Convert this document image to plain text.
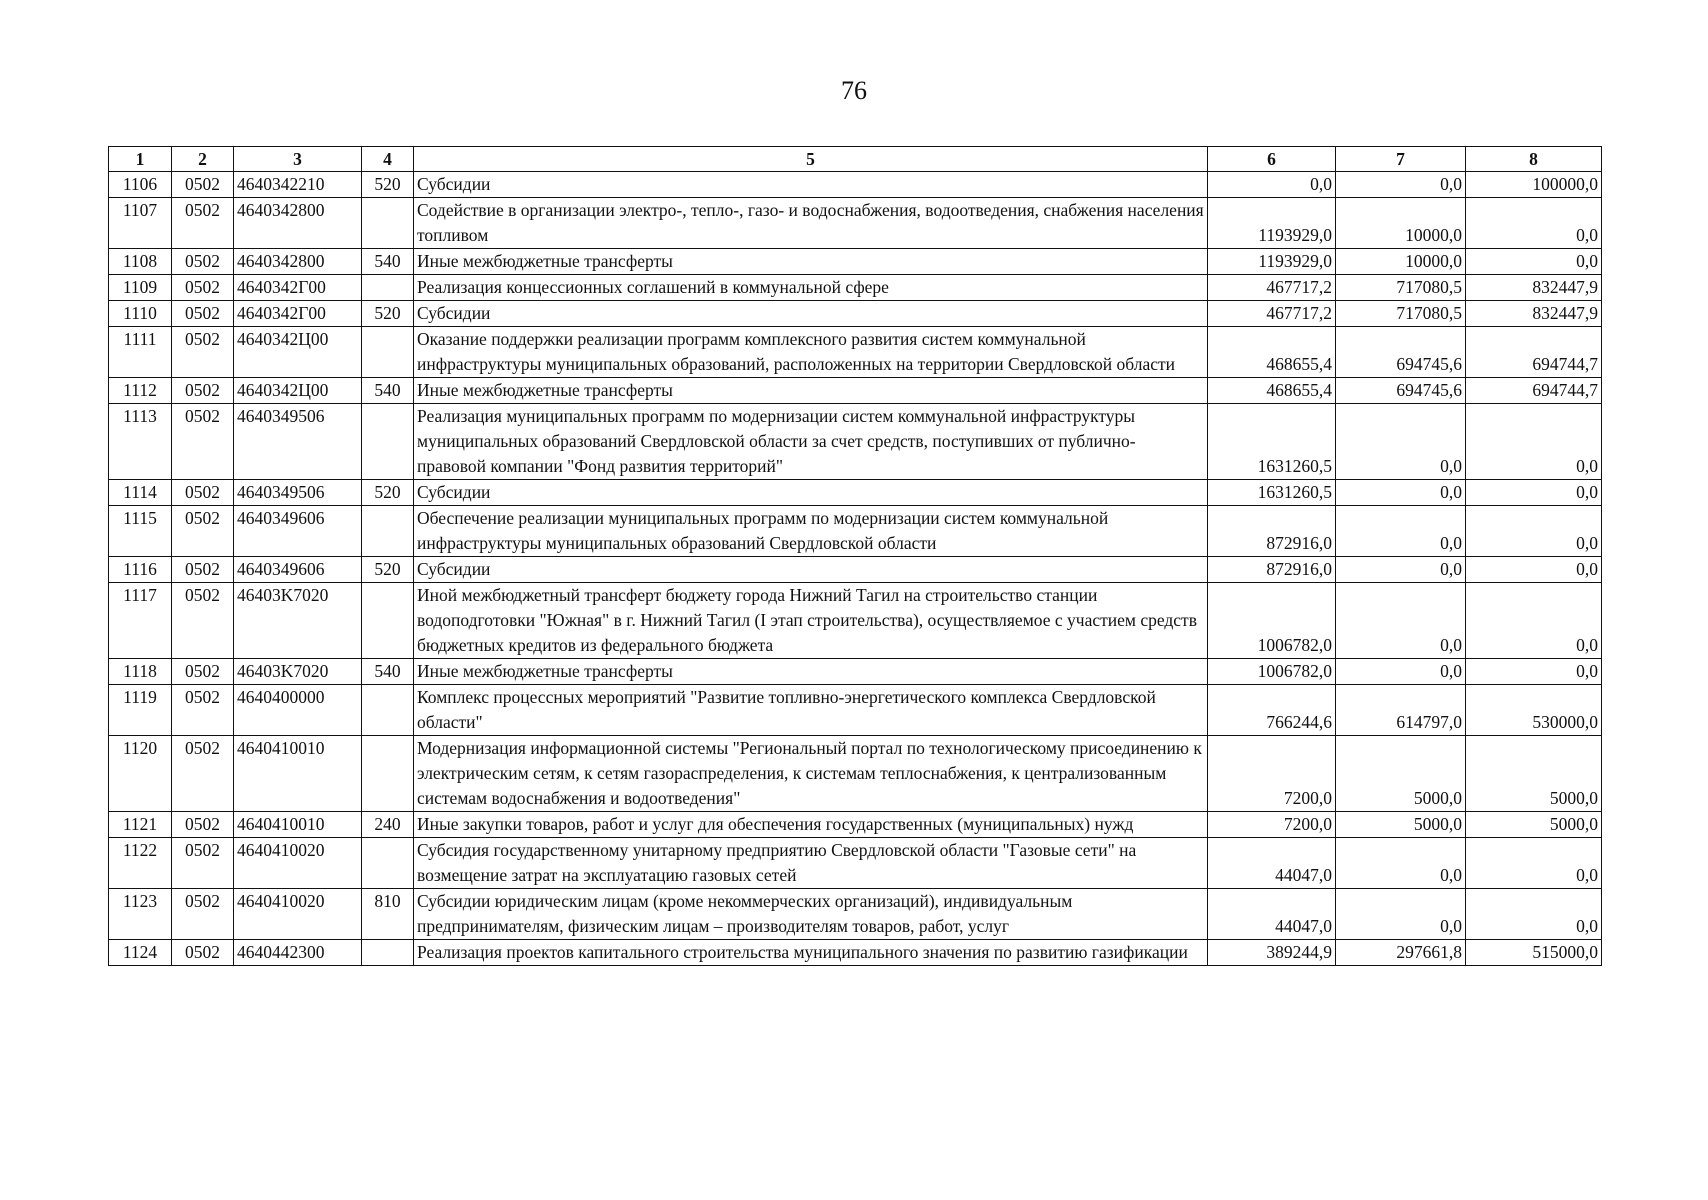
76
1	2	3	4	5	6	7	8
1106	0502	4640342210	520	Субсидии	0,0	0,0	100000,0
1107	0502	4640342800		Содействие в организации электро-, тепло-, газо- и водоснабжения, водоотведения, снабжения населения топливом	1193929,0	10000,0	0,0
1108	0502	4640342800	540	Иные межбюджетные трансферты	1193929,0	10000,0	0,0
1109	0502	4640342Г00		Реализация концессионных соглашений в коммунальной сфере	467717,2	717080,5	832447,9
1110	0502	4640342Г00	520	Субсидии	467717,2	717080,5	832447,9
1111	0502	4640342Ц00		Оказание поддержки реализации программ комплексного развития систем коммунальной инфраструктуры муниципальных образований, расположенных на территории Свердловской области	468655,4	694745,6	694744,7
1112	0502	4640342Ц00	540	Иные межбюджетные трансферты	468655,4	694745,6	694744,7
1113	0502	4640349506		Реализация муниципальных программ по модернизации систем коммунальной инфраструктуры муниципальных образований Свердловской области за счет средств, поступивших от публично-правовой компании "Фонд развития территорий"	1631260,5	0,0	0,0
1114	0502	4640349506	520	Субсидии	1631260,5	0,0	0,0
1115	0502	4640349606		Обеспечение реализации муниципальных программ по модернизации систем коммунальной инфраструктуры муниципальных образований Свердловской области	872916,0	0,0	0,0
1116	0502	4640349606	520	Субсидии	872916,0	0,0	0,0
1117	0502	46403K7020		Иной межбюджетный трансферт бюджету города Нижний Тагил на строительство станции водоподготовки "Южная" в г. Нижний Тагил (I этап строительства), осуществляемое с участием средств бюджетных кредитов из федерального бюджета	1006782,0	0,0	0,0
1118	0502	46403K7020	540	Иные межбюджетные трансферты	1006782,0	0,0	0,0
1119	0502	4640400000		Комплекс процессных мероприятий "Развитие топливно-энергетического комплекса Свердловской области"	766244,6	614797,0	530000,0
1120	0502	4640410010		Модернизация информационной системы "Региональный портал по технологическому присоединению к электрическим сетям, к сетям газораспределения, к системам теплоснабжения, к централизованным системам водоснабжения и водоотведения"	7200,0	5000,0	5000,0
1121	0502	4640410010	240	Иные закупки товаров, работ и услуг для обеспечения государственных (муниципальных) нужд	7200,0	5000,0	5000,0
1122	0502	4640410020		Субсидия государственному унитарному предприятию Свердловской области "Газовые сети" на возмещение затрат на эксплуатацию газовых сетей	44047,0	0,0	0,0
1123	0502	4640410020	810	Субсидии юридическим лицам (кроме некоммерческих организаций), индивидуальным предпринимателям, физическим лицам – производителям товаров, работ, услуг	44047,0	0,0	0,0
1124	0502	4640442300		Реализация проектов капитального строительства муниципального значения по развитию газификации	389244,9	297661,8	515000,0
